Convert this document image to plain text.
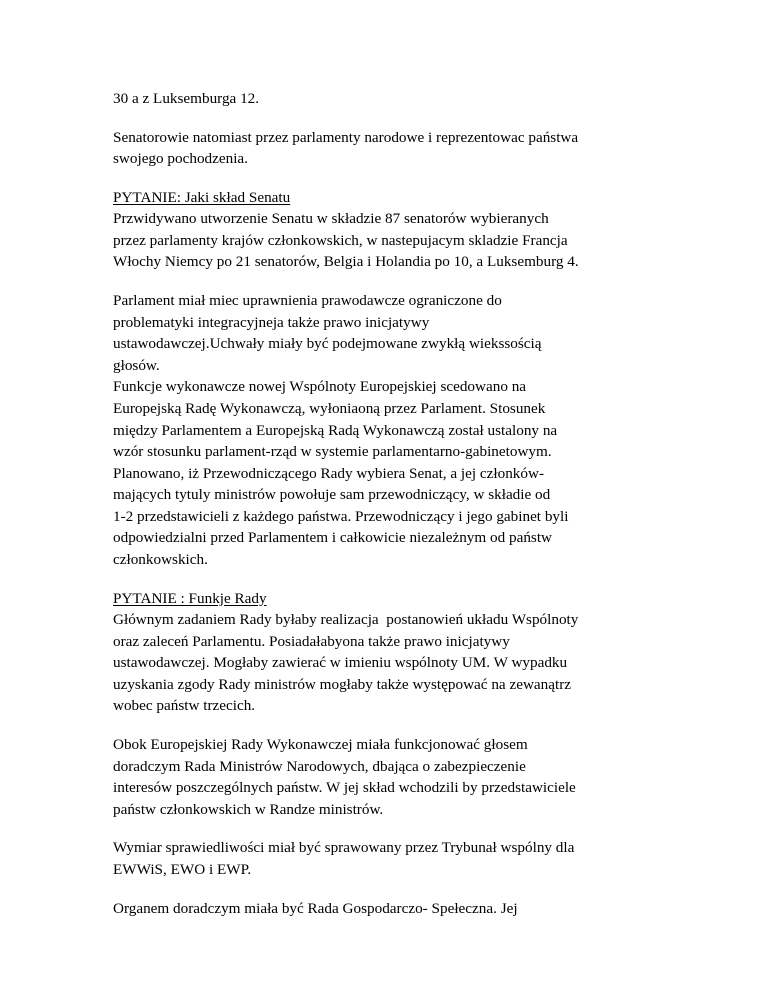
30 a z Luksemburga 12.
Senatorowie natomiast przez parlamenty narodowe i reprezentowac państwa
swojego pochodzenia.
PYTANIE: Jaki skład Senatu
Przwidywano utworzenie Senatu w składzie 87 senatorów wybieranych
przez parlamenty krajów członkowskich, w nastepujacym skladzie Francja
Włochy Niemcy po 21 senatorów, Belgia i Holandia po 10, a Luksemburg 4.
Parlament miał miec uprawnienia prawodawcze ograniczone do
problematyki integracyjneja także prawo inicjatywy
ustawodawczej.Uchwały miały być podejmowane zwykłą wiekssością
głosów.
Funkcje wykonawcze nowej Wspólnoty Europejskiej scedowano na
Europejską Radę Wykonawczą, wyłoniaoną przez Parlament. Stosunek
między Parlamentem a Europejską Radą Wykonawczą został ustalony na
wzór stosunku parlament-rząd w systemie parlamentarno-gabinetowym.
Planowano, iż Przewodniczącego Rady wybiera Senat, a jej członków-
mających tytuly ministrów powołuje sam przewodniczący, w składie od
1-2 przedstawicieli z każdego państwa. Przewodniczący i jego gabinet byli
odpowiedzialni przed Parlamentem i całkowicie niezależnym od państw
członkowskich.
PYTANIE : Funkje Rady
Głównym zadaniem Rady byłaby realizacja  postanowień układu Wspólnoty
oraz zaleceń Parlamentu. Posiadałabyona także prawo inicjatywy
ustawodawczej. Mogłaby zawierać w imieniu wspólnoty UM. W wypadku
uzyskania zgody Rady ministrów mogłaby także występować na zewanątrz
wobec państw trzecich.
Obok Europejskiej Rady Wykonawczej miała funkcjonować głosem
doradczym Rada Ministrów Narodowych, dbająca o zabezpieczenie
interesów poszczególnych państw. W jej skład wchodzili by przedstawiciele
państw członkowskich w Randze ministrów.
Wymiar sprawiedliwości miał być sprawowany przez Trybunał wspólny dla
EWWiS, EWO i EWP.
Organem doradczym miała być Rada Gospodarczo- Spełeczna. Jej
